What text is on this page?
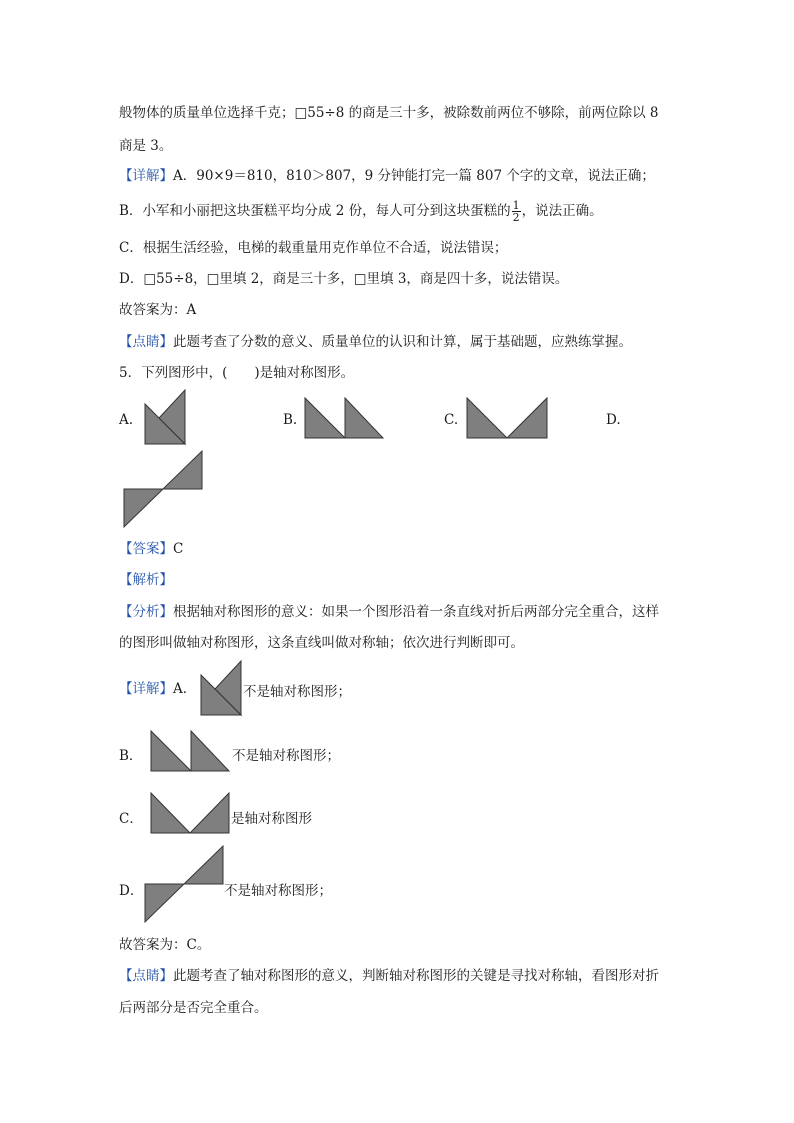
般物体的质量单位选择千克；□55÷8 的商是三十多，被除数前两位不够除，前两位除以 8
商是 3。
【详解】A．90×9＝810，810＞807，9 分钟能打完一篇 807 个字的文章，说法正确；
B．小军和小丽把这块蛋糕平均分成 2 份，每人可分到这块蛋糕的 $\frac{1}{2}$ ，说法正确。
C．根据生活经验，电梯的载重量用克作单位不合适，说法错误；
D．□55÷8，□里填 2，商是三十多，□里填 3，商是四十多，说法错误。
故答案为：A
【点睛】此题考查了分数的意义、质量单位的认识和计算，属于基础题，应熟练掌握。
5．下列图形中，(　　)是轴对称图形。
A.	B.	C.	D.
【答案】C
【解析】
【分析】根据轴对称图形的意义：如果一个图形沿着一条直线对折后两部分完全重合，这样
的图形叫做轴对称图形，这条直线叫做对称轴；依次进行判断即可。
【详解】A．	不是轴对称图形；
B．	不是轴对称图形；
C．	是轴对称图形
D．	不是轴对称图形；
故答案为：C。
【点睛】此题考查了轴对称图形的意义，判断轴对称图形的关键是寻找对称轴，看图形对折
后两部分是否完全重合。
